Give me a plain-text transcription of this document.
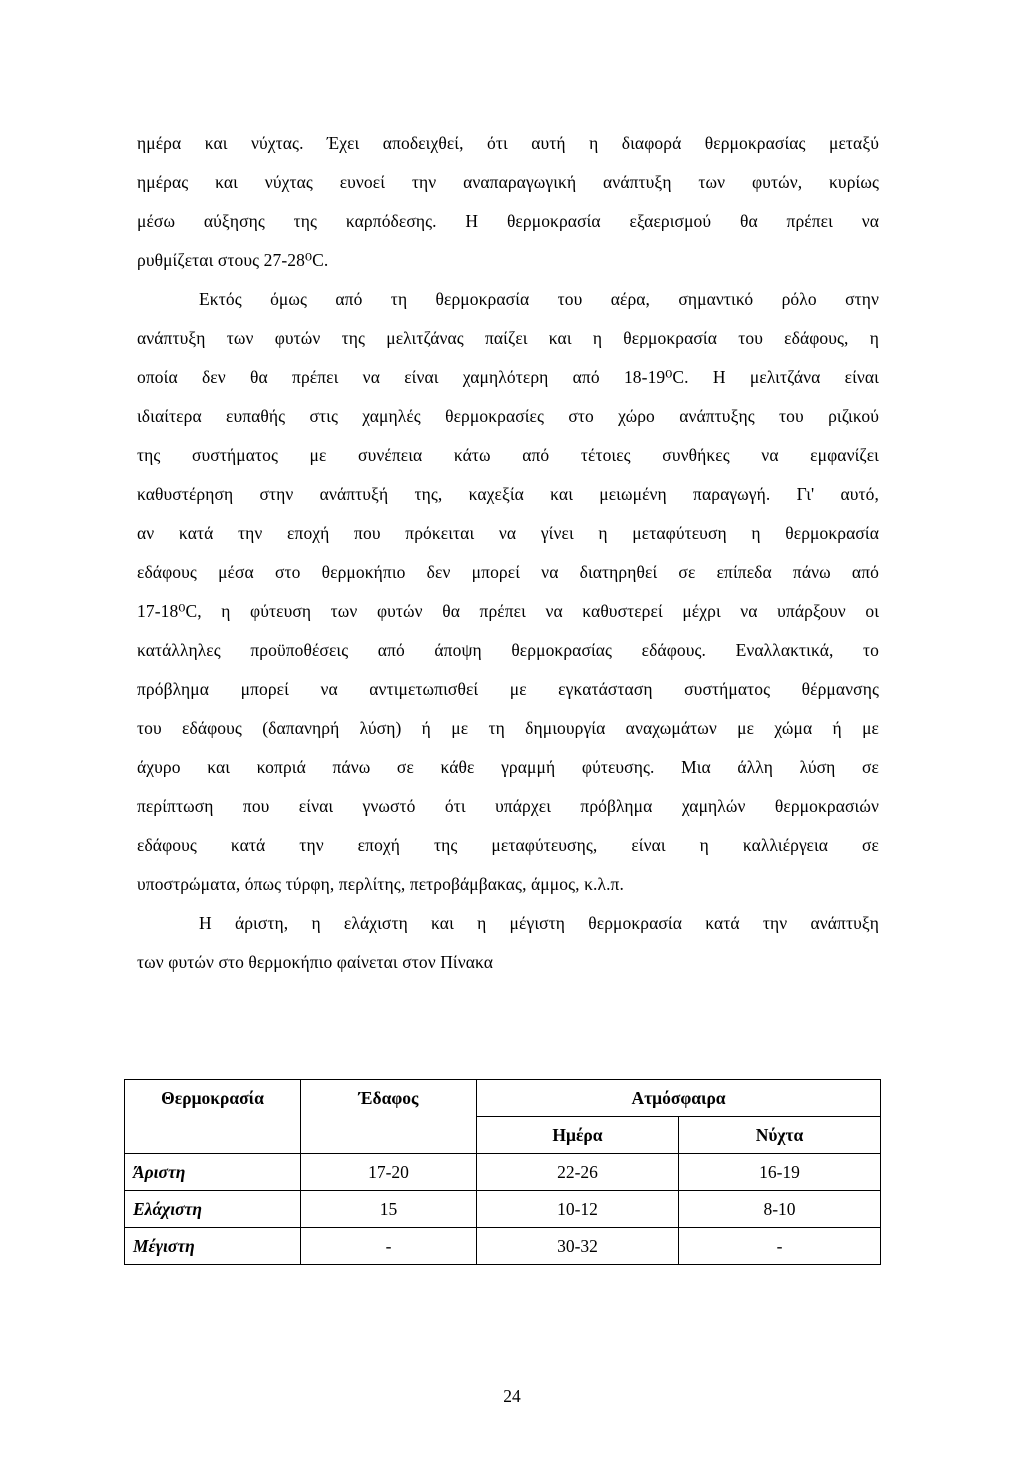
ημέρα και νύχτας. Έχει αποδειχθεί, ότι αυτή η διαφορά θερμοκρασίας μεταξύ
ημέρας και νύχτας ευνοεί την αναπαραγωγική ανάπτυξη των φυτών, κυρίως
μέσω αύξησης της καρπόδεσης. Η θερμοκρασία εξαερισμού θα πρέπει να
ρυθμίζεται στους 27-28⁰C.
Εκτός όμως από τη θερμοκρασία του αέρα, σημαντικό ρόλο στην
ανάπτυξη των φυτών της μελιτζάνας παίζει και η θερμοκρασία του εδάφους, η
οποία δεν θα πρέπει να είναι χαμηλότερη από 18-19⁰C. Η μελιτζάνα είναι
ιδιαίτερα ευπαθής στις χαμηλές θερμοκρασίες στο χώρο ανάπτυξης του ριζικού
της συστήματος με συνέπεια κάτω από τέτοιες συνθήκες να εμφανίζει
καθυστέρηση στην ανάπτυξή της, καχεξία και μειωμένη παραγωγή. Γι' αυτό,
αν κατά την εποχή που πρόκειται να γίνει η μεταφύτευση η θερμοκρασία
εδάφους μέσα στο θερμοκήπιο δεν μπορεί να διατηρηθεί σε επίπεδα πάνω από
17-18⁰C, η φύτευση των φυτών θα πρέπει να καθυστερεί μέχρι να υπάρξουν οι
κατάλληλες προϋποθέσεις από άποψη θερμοκρασίας εδάφους. Εναλλακτικά, το
πρόβλημα μπορεί να αντιμετωπισθεί με εγκατάσταση συστήματος θέρμανσης
του εδάφους (δαπανηρή λύση) ή με τη δημιουργία αναχωμάτων με χώμα ή με
άχυρο και κοπριά πάνω σε κάθε γραμμή φύτευσης. Μια άλλη λύση σε
περίπτωση που είναι γνωστό ότι υπάρχει πρόβλημα χαμηλών θερμοκρασιών
εδάφους κατά την εποχή της μεταφύτευσης, είναι η καλλιέργεια σε
υποστρώματα, όπως τύρφη, περλίτης, πετροβάμβακας, άμμος, κ.λ.π.
Η άριστη, η ελάχιστη και η μέγιστη θερμοκρασία κατά την ανάπτυξη
των φυτών στο θερμοκήπιο φαίνεται στον Πίνακα
Θερμοκρασία	Έδαφος	Ατμόσφαιρα	
		Ημέρα	Νύχτα
Άριστη	17-20	22-26	16-19
Ελάχιστη	15	10-12	8-10
Μέγιστη	-	30-32	-
24
